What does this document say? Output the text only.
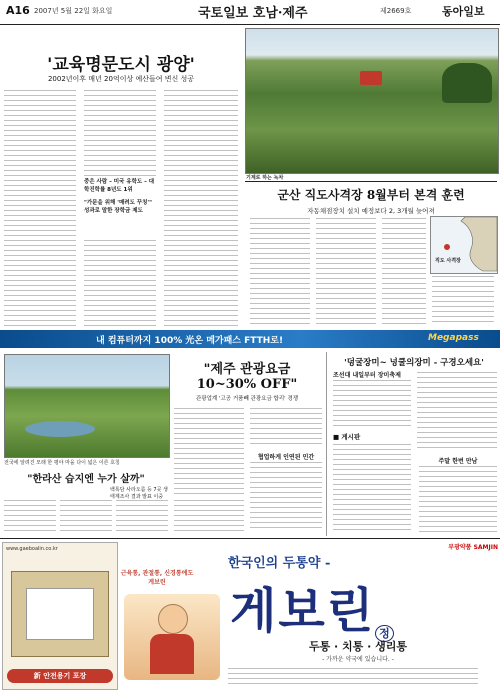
A16 2007년 5월 22일 화요일	국토일보 호남·제주	제2669호	동아일보
'교육명문도시 광양'
2002년이후 매년 20억이상 예산들여 변신 성공
중은 사람 – 미국 유학도 – 대학진학률 8년도 1위
"가문을 위해 '매려도 꾸칭'" 성과로 말한 장학금 제도
기계로 하는 녹차
군산 직도사격장 8월부터 본격 훈련
자동채점장치 설치 예정보다 2, 3개월 늦어져
직도 사격장
내 컴퓨터까지 100% 光온 메가패스 FTTH로!	Megapass
전국에 알려진 모래 한 평야 마을 다이 넓은 이른 호칭
"제주 관광요금
10~30% OFF"
관광업계 '고공 거품빼 관광요금 합리' 경쟁
협업하게 인연된 민간
"한라산 습지엔 누가 살까"
백록담 사라오름 등 7곳 생태계조사 결과 발표 이중
'덩굴장미~ 넝쿨의장미 - 구경오세요'
조선대 내일부터 장미축제
■ 게시판
주말 한번 만남
www.gaeboalin.co.kr
新 안전용기 포장
부광약품 SAMJIN
한국인의 두통약 -
근육통, 관절통, 신경통에도 게보린
게보린 정
두통 · 치통 · 생리통
- 가까운 약국에 있습니다. -
